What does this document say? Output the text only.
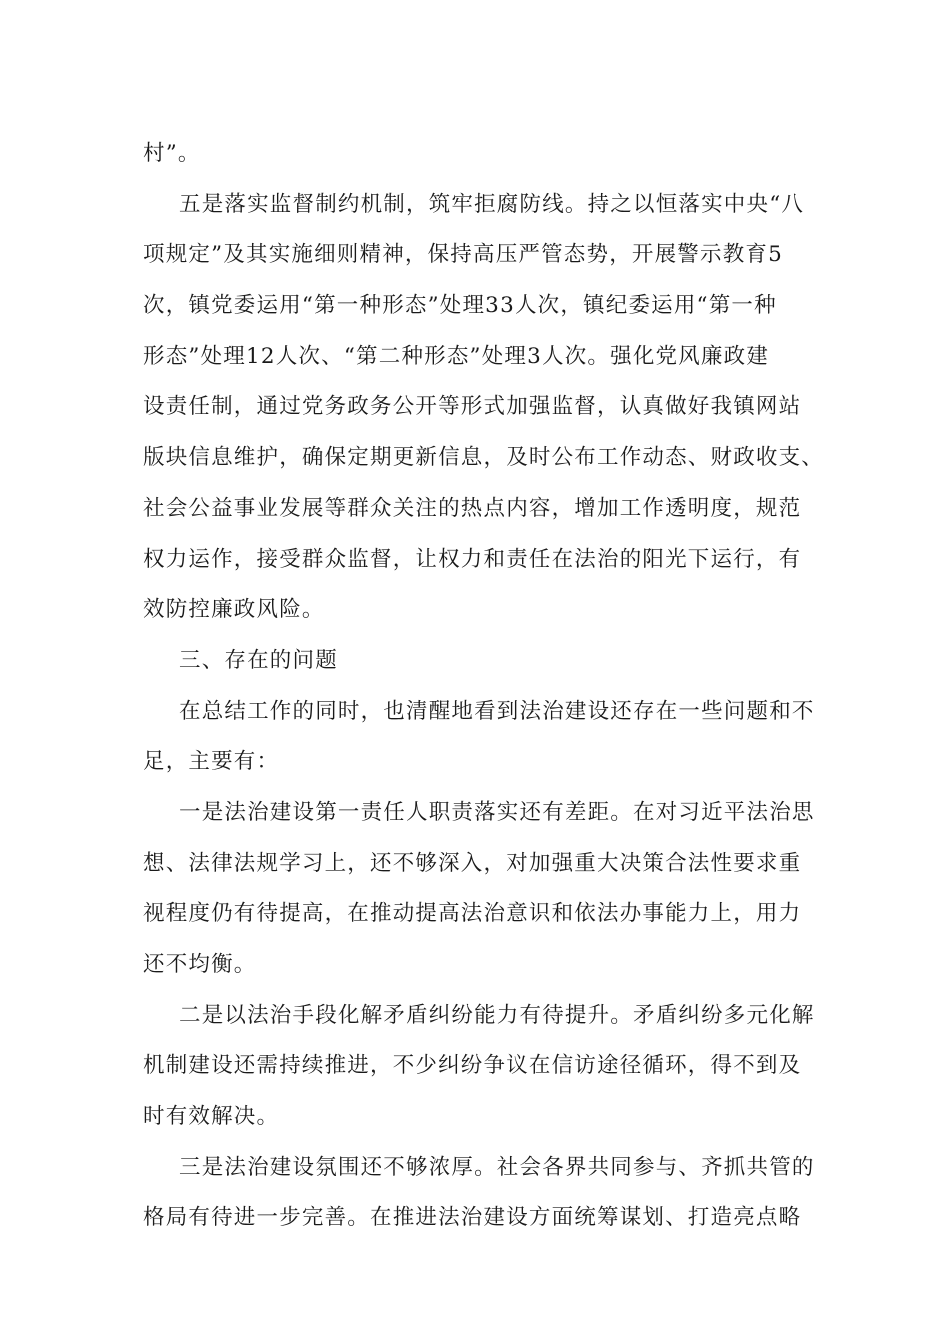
村”。
五是落实监督制约机制，筑牢拒腐防线。持之以恒落实中央“八
项规定”及其实施细则精神，保持高压严管态势，开展警示教育5
次，镇党委运用“第一种形态”处理33人次，镇纪委运用“第一种
形态”处理12人次、“第二种形态”处理3人次。强化党风廉政建
设责任制，通过党务政务公开等形式加强监督，认真做好我镇网站
版块信息维护，确保定期更新信息，及时公布工作动态、财政收支、
社会公益事业发展等群众关注的热点内容，增加工作透明度，规范
权力运作，接受群众监督，让权力和责任在法治的阳光下运行，有
效防控廉政风险。
三、存在的问题
在总结工作的同时，也清醒地看到法治建设还存在一些问题和不
足，主要有：
一是法治建设第一责任人职责落实还有差距。在对习近平法治思
想、法律法规学习上，还不够深入，对加强重大决策合法性要求重
视程度仍有待提高，在推动提高法治意识和依法办事能力上，用力
还不均衡。
二是以法治手段化解矛盾纠纷能力有待提升。矛盾纠纷多元化解
机制建设还需持续推进，不少纠纷争议在信访途径循环，得不到及
时有效解决。
三是法治建设氛围还不够浓厚。社会各界共同参与、齐抓共管的
格局有待进一步完善。在推进法治建设方面统筹谋划、打造亮点略
